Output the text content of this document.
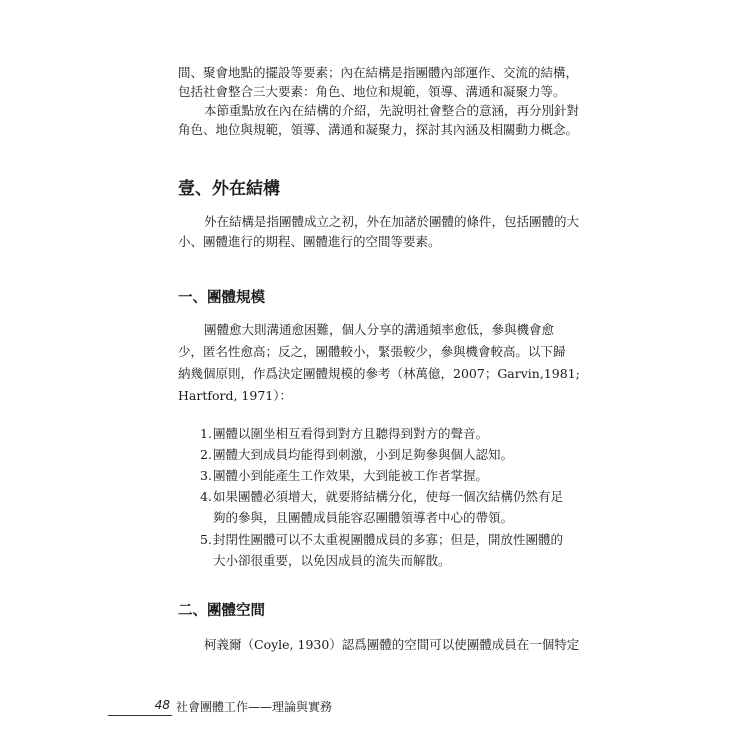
間、聚會地點的擺設等要素；內在結構是指團體內部運作、交流的結構，
包括社會整合三大要素：角色、地位和規範，領導、溝通和凝聚力等。
本節重點放在內在結構的介紹，先說明社會整合的意涵，再分別針對
角色、地位與規範，領導、溝通和凝聚力，探討其內涵及相關動力概念。
壹、外在結構
外在結構是指團體成立之初，外在加諸於團體的條件，包括團體的大
小、團體進行的期程、團體進行的空間等要素。
一、團體規模
團體愈大則溝通愈困難，個人分享的溝通頻率愈低，參與機會愈
少，匿名性愈高；反之，團體較小，緊張較少，參與機會較高。以下歸
納幾個原則，作爲決定團體規模的參考（林萬億，2007；Garvin,1981;
Hartford, 1971）：
1.團體以圍坐相互看得到對方且聽得到對方的聲音。
2.團體大到成員均能得到刺激，小到足夠參與個人認知。
3.團體小到能產生工作效果，大到能被工作者掌握。
4.如果團體必須增大，就要將結構分化，使每一個次結構仍然有足
夠的參與，且團體成員能容忍團體領導者中心的帶領。
5.封閉性團體可以不太重視團體成員的多寡；但是，開放性團體的
大小卻很重要，以免因成員的流失而解散。
二、團體空間
柯義爾（Coyle, 1930）認爲團體的空間可以使團體成員在一個特定
48 社會團體工作——理論與實務
